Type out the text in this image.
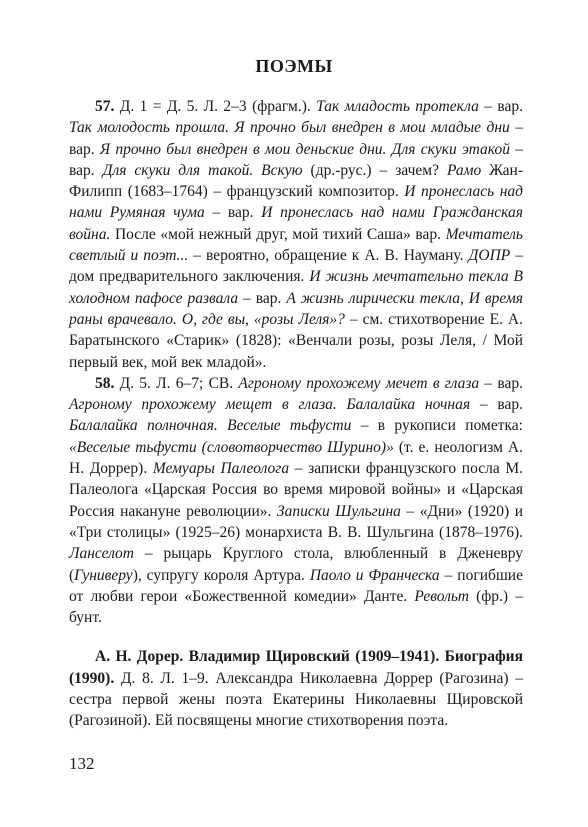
ПОЭМЫ

57. Д. 1 = Д. 5. Л. 2–3 (фрагм.). Так младость протекла – вар. Так молодость прошла. Я прочно был внедрен в мои младые дни – вар. Я прочно был внедрен в мои деньские дни. Для скуки этакой – вар. Для скуки для такой. Вскую (др.-рус.) – зачем? Рамо Жан-Филипп (1683–1764) – французский композитор. И пронеслась над нами Румяная чума – вар. И пронеслась над нами Гражданская война. После «мой нежный друг, мой тихий Саша» вар. Мечтатель светлый и поэт... – вероятно, обращение к А. В. Науману. ДОПР – дом предварительного заключения. И жизнь мечтательно текла В холодном пафосе развала – вар. А жизнь лирически текла, И время раны врачевало. О, где вы, «розы Леля»? – см. стихотворение Е. А. Баратынского «Старик» (1828): «Венчали розы, розы Леля, / Мой первый век, мой век младой».

58. Д. 5. Л. 6–7; СВ. Агроному прохожему мечет в глаза – вар. Агроному прохожему мещет в глаза. Балалайка ночная – вар. Балалайка полночная. Веселые тьфусти – в рукописи пометка: «Веселые тьфусти (словотворчество Шурино)» (т. е. неологизм А. Н. Доррер). Мемуары Палеолога – записки французского посла М. Палеолога «Царская Россия во время мировой войны» и «Царская Россия накануне революции». Записки Шульгина – «Дни» (1920) и «Три столицы» (1925–26) монархиста В. В. Шульгина (1878–1976). Ланселот – рыцарь Круглого стола, влюбленный в Дженевру (Гуниверу), супругу короля Артура. Паоло и Франческа – погибшие от любви герои «Божественной комедии» Данте. Револьт (фр.) – бунт.

А. Н. Дорер. Владимир Щировский (1909–1941). Биография (1990). Д. 8. Л. 1–9. Александра Николаевна Доррер (Рагозина) – сестра первой жены поэта Екатерины Николаевны Щировской (Рагозиной). Ей посвящены многие стихотворения поэта.

132
